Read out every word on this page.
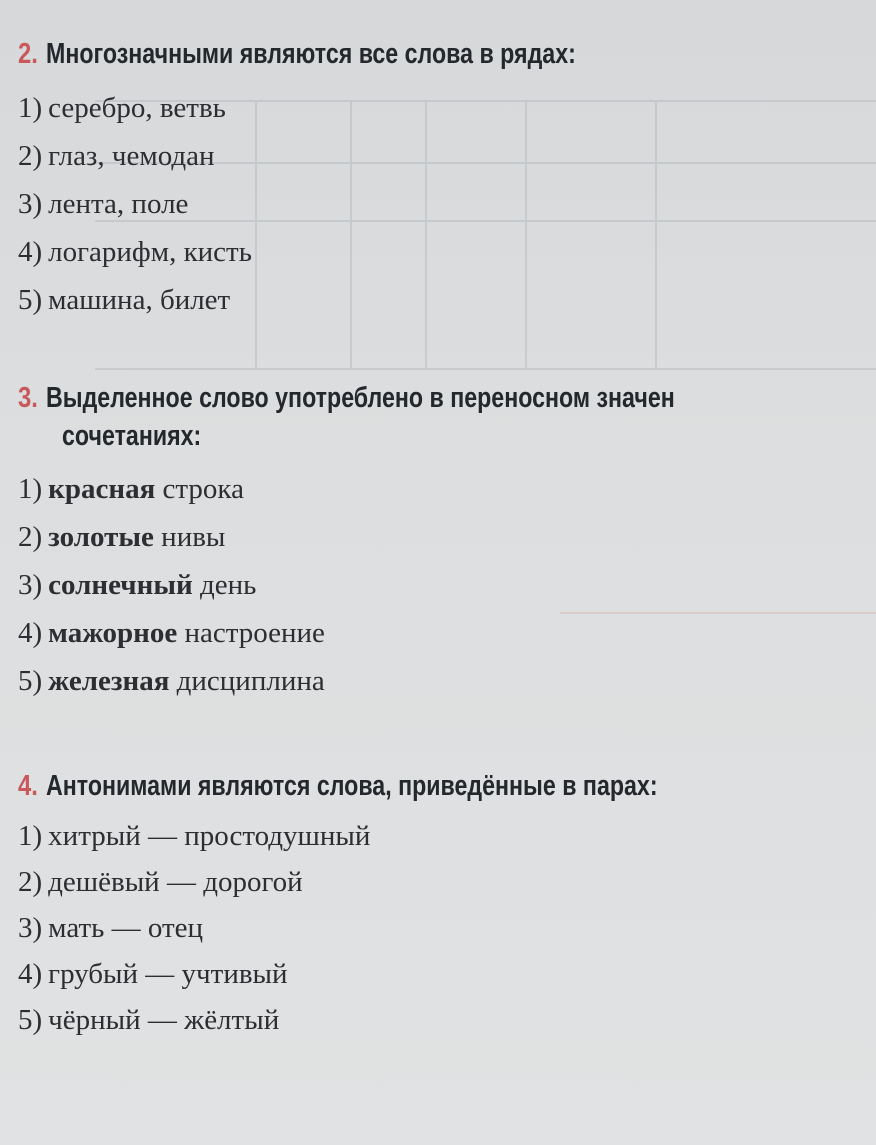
2. Многозначными являются все слова в рядах:
1) серебро, ветвь
2) глаз, чемодан
3) лента, поле
4) логарифм, кисть
5) машина, билет
3. Выделенное слово употреблено в переносном значен
сочетаниях:
1) красная строка
2) золотые нивы
3) солнечный день
4) мажорное настроение
5) железная дисциплина
4. Антонимами являются слова, приведённые в парах:
1) хитрый — простодушный
2) дешёвый — дорогой
3) мать — отец
4) грубый — учтивый
5) чёрный — жёлтый
